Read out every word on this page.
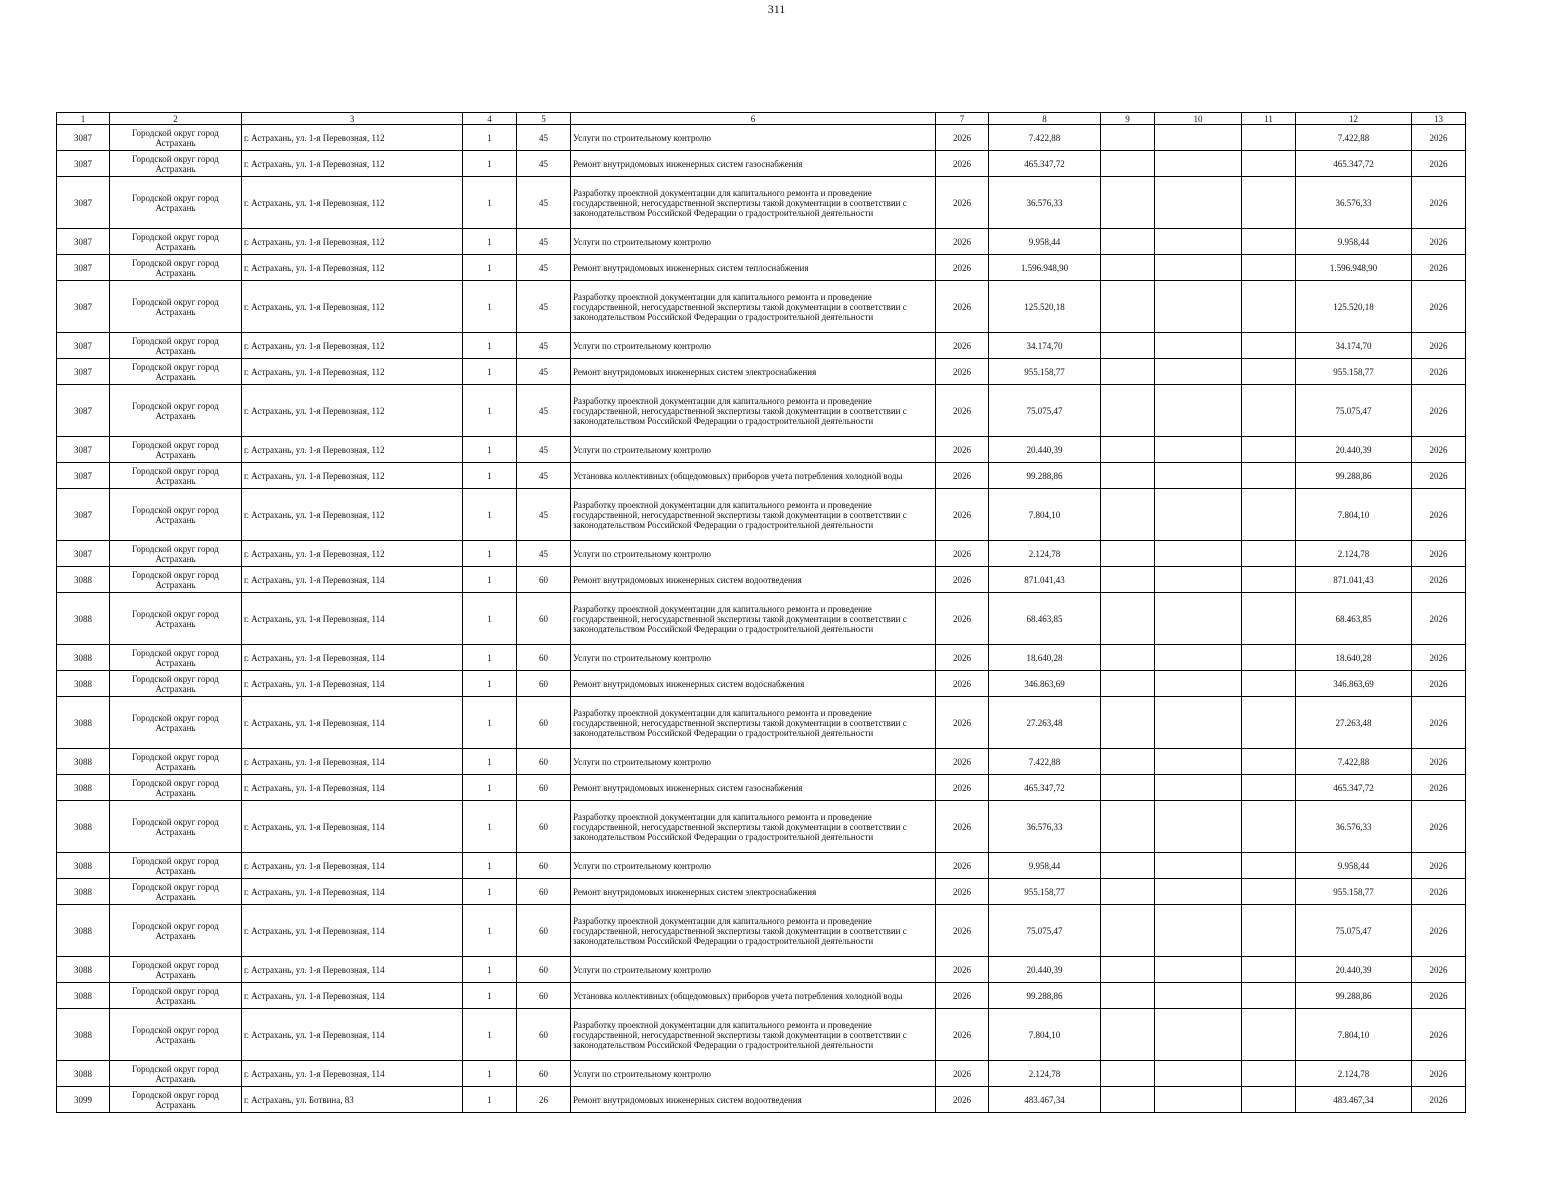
311
1	2	3	4	5	6	7	8	9	10	11	12	13
3087	Городской округ город Астрахань	г. Астрахань, ул. 1-я Перевозная, 112	1	45	Услуги по строительному контролю	2026	7.422,88				7.422,88	2026
3087	Городской округ город Астрахань	г. Астрахань, ул. 1-я Перевозная, 112	1	45	Ремонт внутридомовых инженерных систем газоснабжения	2026	465.347,72				465.347,72	2026
3087	Городской округ город Астрахань	г. Астрахань, ул. 1-я Перевозная, 112	1	45	Разработку проектной документации для капитального ремонта и проведение государственной, негосударственной экспертизы такой документации в соответствии с законодательством Российской Федерации о градостроительной деятельности	2026	36.576,33				36.576,33	2026
3087	Городской округ город Астрахань	г. Астрахань, ул. 1-я Перевозная, 112	1	45	Услуги по строительному контролю	2026	9.958,44				9.958,44	2026
3087	Городской округ город Астрахань	г. Астрахань, ул. 1-я Перевозная, 112	1	45	Ремонт внутридомовых инженерных систем теплоснабжения	2026	1.596.948,90				1.596.948,90	2026
3087	Городской округ город Астрахань	г. Астрахань, ул. 1-я Перевозная, 112	1	45	Разработку проектной документации для капитального ремонта и проведение государственной, негосударственной экспертизы такой документации в соответствии с законодательством Российской Федерации о градостроительной деятельности	2026	125.520,18				125.520,18	2026
3087	Городской округ город Астрахань	г. Астрахань, ул. 1-я Перевозная, 112	1	45	Услуги по строительному контролю	2026	34.174,70				34.174,70	2026
3087	Городской округ город Астрахань	г. Астрахань, ул. 1-я Перевозная, 112	1	45	Ремонт внутридомовых инженерных систем электроснабжения	2026	955.158,77				955.158,77	2026
3087	Городской округ город Астрахань	г. Астрахань, ул. 1-я Перевозная, 112	1	45	Разработку проектной документации для капитального ремонта и проведение государственной, негосударственной экспертизы такой документации в соответствии с законодательством Российской Федерации о градостроительной деятельности	2026	75.075,47				75.075,47	2026
3087	Городской округ город Астрахань	г. Астрахань, ул. 1-я Перевозная, 112	1	45	Услуги по строительному контролю	2026	20.440,39				20.440,39	2026
3087	Городской округ город Астрахань	г. Астрахань, ул. 1-я Перевозная, 112	1	45	Установка коллективных (общедомовых) приборов учета потребления холодной воды	2026	99.288,86				99.288,86	2026
3087	Городской округ город Астрахань	г. Астрахань, ул. 1-я Перевозная, 112	1	45	Разработку проектной документации для капитального ремонта и проведение государственной, негосударственной экспертизы такой документации в соответствии с законодательством Российской Федерации о градостроительной деятельности	2026	7.804,10				7.804,10	2026
3087	Городской округ город Астрахань	г. Астрахань, ул. 1-я Перевозная, 112	1	45	Услуги по строительному контролю	2026	2.124,78				2.124,78	2026
3088	Городской округ город Астрахань	г. Астрахань, ул. 1-я Перевозная, 114	1	60	Ремонт внутридомовых инженерных систем водоотведения	2026	871.041,43				871.041,43	2026
3088	Городской округ город Астрахань	г. Астрахань, ул. 1-я Перевозная, 114	1	60	Разработку проектной документации для капитального ремонта и проведение государственной, негосударственной экспертизы такой документации в соответствии с законодательством Российской Федерации о градостроительной деятельности	2026	68.463,85				68.463,85	2026
3088	Городской округ город Астрахань	г. Астрахань, ул. 1-я Перевозная, 114	1	60	Услуги по строительному контролю	2026	18.640,28				18.640,28	2026
3088	Городской округ город Астрахань	г. Астрахань, ул. 1-я Перевозная, 114	1	60	Ремонт внутридомовых инженерных систем водоснабжения	2026	346.863,69				346.863,69	2026
3088	Городской округ город Астрахань	г. Астрахань, ул. 1-я Перевозная, 114	1	60	Разработку проектной документации для капитального ремонта и проведение государственной, негосударственной экспертизы такой документации в соответствии с законодательством Российской Федерации о градостроительной деятельности	2026	27.263,48				27.263,48	2026
3088	Городской округ город Астрахань	г. Астрахань, ул. 1-я Перевозная, 114	1	60	Услуги по строительному контролю	2026	7.422,88				7.422,88	2026
3088	Городской округ город Астрахань	г. Астрахань, ул. 1-я Перевозная, 114	1	60	Ремонт внутридомовых инженерных систем газоснабжения	2026	465.347,72				465.347,72	2026
3088	Городской округ город Астрахань	г. Астрахань, ул. 1-я Перевозная, 114	1	60	Разработку проектной документации для капитального ремонта и проведение государственной, негосударственной экспертизы такой документации в соответствии с законодательством Российской Федерации о градостроительной деятельности	2026	36.576,33				36.576,33	2026
3088	Городской округ город Астрахань	г. Астрахань, ул. 1-я Перевозная, 114	1	60	Услуги по строительному контролю	2026	9.958,44				9.958,44	2026
3088	Городской округ город Астрахань	г. Астрахань, ул. 1-я Перевозная, 114	1	60	Ремонт внутридомовых инженерных систем электроснабжения	2026	955.158,77				955.158,77	2026
3088	Городской округ город Астрахань	г. Астрахань, ул. 1-я Перевозная, 114	1	60	Разработку проектной документации для капитального ремонта и проведение государственной, негосударственной экспертизы такой документации в соответствии с законодательством Российской Федерации о градостроительной деятельности	2026	75.075,47				75.075,47	2026
3088	Городской округ город Астрахань	г. Астрахань, ул. 1-я Перевозная, 114	1	60	Услуги по строительному контролю	2026	20.440,39				20.440,39	2026
3088	Городской округ город Астрахань	г. Астрахань, ул. 1-я Перевозная, 114	1	60	Установка коллективных (общедомовых) приборов учета потребления холодной воды	2026	99.288,86				99.288,86	2026
3088	Городской округ город Астрахань	г. Астрахань, ул. 1-я Перевозная, 114	1	60	Разработку проектной документации для капитального ремонта и проведение государственной, негосударственной экспертизы такой документации в соответствии с законодательством Российской Федерации о градостроительной деятельности	2026	7.804,10				7.804,10	2026
3088	Городской округ город Астрахань	г. Астрахань, ул. 1-я Перевозная, 114	1	60	Услуги по строительному контролю	2026	2.124,78				2.124,78	2026
3099	Городской округ город Астрахань	г. Астрахань, ул. Ботвина, 83	1	26	Ремонт внутридомовых инженерных систем водоотведения	2026	483.467,34				483.467,34	2026
